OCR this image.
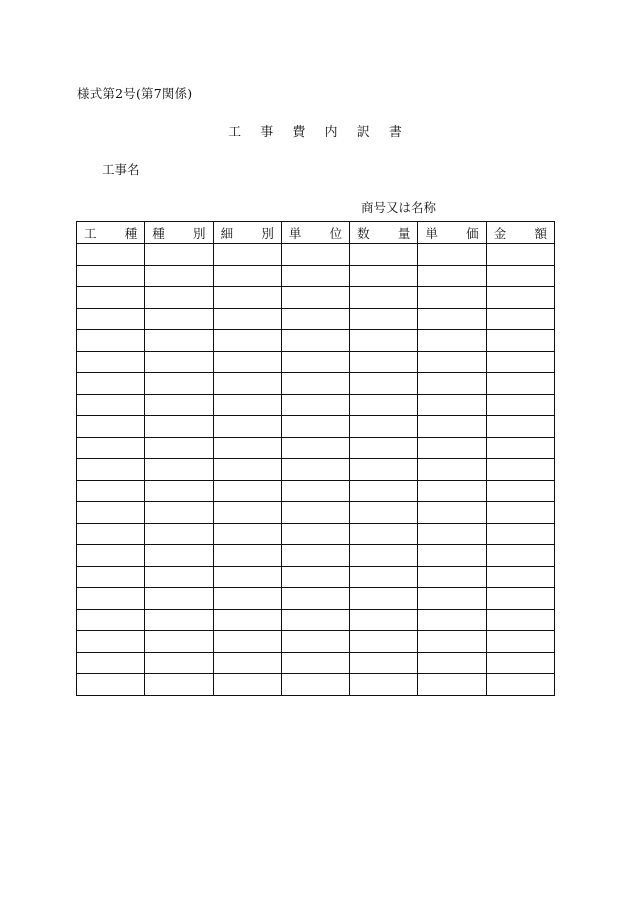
様式第2号(第7関係)
工 事 費 内 訳 書
工事名
商号又は名称
工 種	種 別	細 別	単 位	数 量	単 価	金 額
